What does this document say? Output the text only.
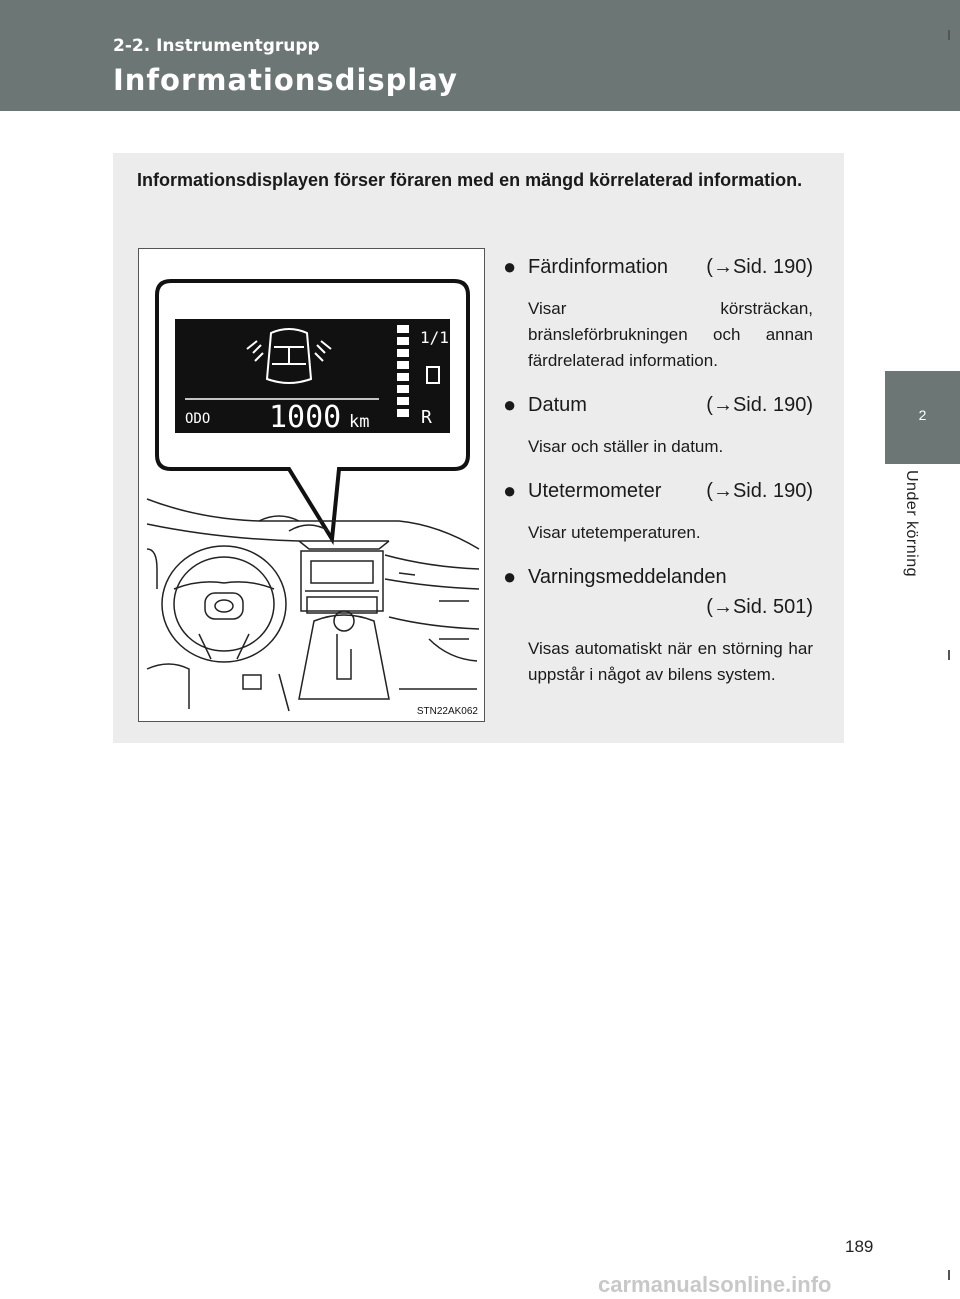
2-2. Instrumentgrupp
Informationsdisplay
2
Under körning
Informationsdisplayen förser föraren med en mängd körrelaterad information.
1/1
R
ODO 1000 km
STN22AK062
● Färdinformation (→Sid. 190)
Visar körsträckan, bränsleförbrukningen och annan färdrelaterad information.
● Datum	(→Sid. 190)
Visar och ställer in datum.
● Utetermometer (→Sid. 190)
Visar utetemperaturen.
● Varningsmeddelanden
(→Sid. 501)
Visas automatiskt när en störning har uppstår i något av bilens system.
189
carmanualsonline.info
